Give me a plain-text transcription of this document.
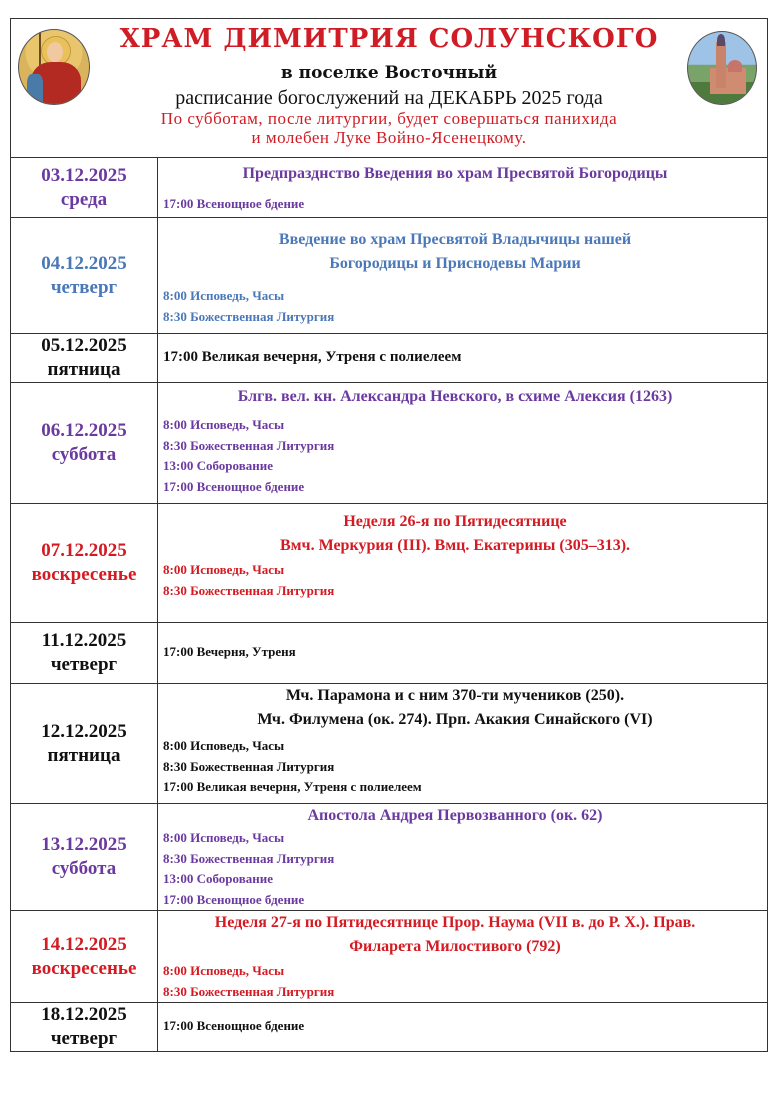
ХРАМ ДИМИТРИЯ СОЛУНСКОГО
в поселке Восточный
расписание богослужений на ДЕКАБРЬ 2025 года
По субботам, после литургии, будет совершаться панихида
и молебен Луке Войно-Ясенецкому.
03.12.2025
среда
Предпразднство Введения во храм Пресвятой Богородицы
17:00 Всенощное бдение
04.12.2025
четверг
Введение во храм Пресвятой Владычицы нашей
Богородицы и Приснодевы Марии
8:00 Исповедь, Часы
8:30 Божественная Литургия
05.12.2025
пятница
17:00 Великая вечерня, Утреня с полиелеем
06.12.2025
суббота
Блгв. вел. кн. Александра Невского, в схиме Алексия (1263)
8:00 Исповедь, Часы
8:30 Божественная Литургия
13:00 Соборование
17:00 Всенощное бдение
07.12.2025
воскресенье
Неделя 26-я по Пятидесятнице
Вмч. Меркурия (III). Вмц. Екатерины (305–313).
8:00 Исповедь, Часы
8:30 Божественная Литургия
11.12.2025
четверг
17:00 Вечерня, Утреня
12.12.2025
пятница
Мч. Парамона и с ним 370-ти мучеников (250).
Мч. Филумена (ок. 274). Прп. Акакия Синайского (VI)
8:00 Исповедь, Часы
8:30 Божественная Литургия
17:00 Великая вечерня, Утреня с полиелеем
13.12.2025
суббота
Апостола Андрея Первозванного (ок. 62)
8:00 Исповедь, Часы
8:30 Божественная Литургия
13:00 Соборование
17:00 Всенощное бдение
14.12.2025
воскресенье
Неделя 27-я по Пятидесятнице Прор. Наума (VII в. до Р. Х.). Прав.
Филарета Милостивого (792)
8:00 Исповедь, Часы
8:30 Божественная Литургия
18.12.2025
четверг
17:00 Всенощное бдение
